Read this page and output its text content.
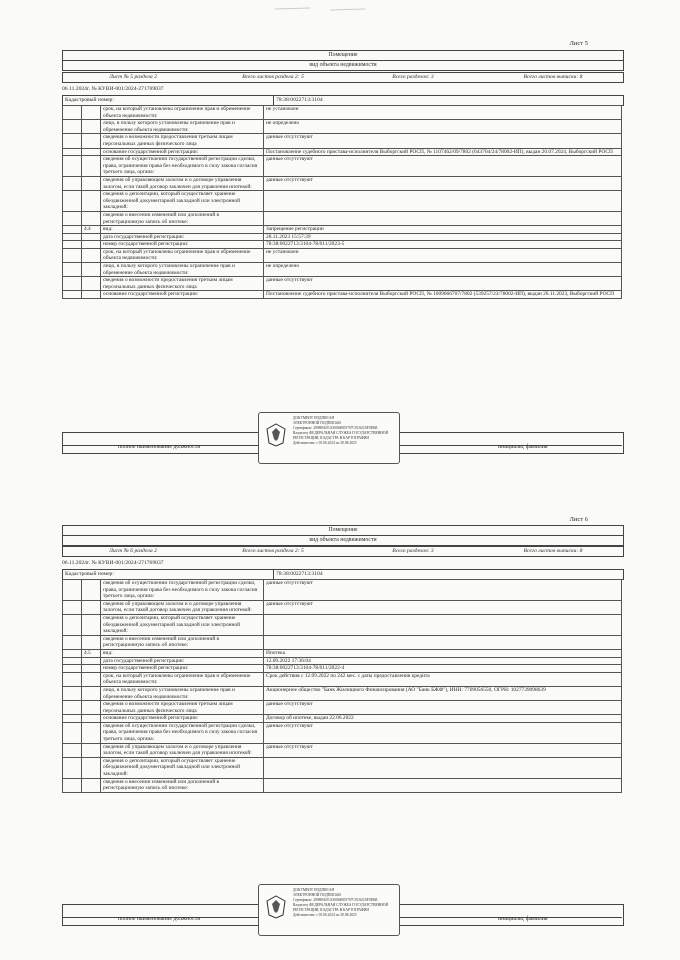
Лист 5
Помещение
вид объекта недвижимости
Лист № 5 раздела 2	Всего листов раздела 2: 5	Всего разделов: 3	Всего листов выписки: 8
06.11.2024г. № КУВИ-001/2024-271769037
Кадастровый номер:	78:38:0022713:3104
		срок, на который установлены ограничение прав и обременение объекта недвижимости:	не установлен
		лицо, в пользу которого установлены ограничение прав и обременение объекта недвижимости:	не определено
		сведения о возможности предоставления третьим лицам персональных данных физического лица	данные отсутствуют
		основание государственной регистрации:	Постановление судебного пристава-исполнителя Выборгский РОСП, № 1107462/09/7802 (643704/24/78002-ИП), выдан 20.07.2024, Выборгский РОСП
		сведения об осуществлении государственной регистрации сделки, права, ограничения права без необходимого в силу закона согласия третьего лица, органа:	данные отсутствуют
		сведения об управляющем залогом и о договоре управления залогом, если такой договор заключен для управления ипотекой:	данные отсутствуют
		сведения о депозитарии, который осуществляет хранение обездвиженной документарной закладной или электронной закладной:	
		сведения о внесении изменений или дополнений в регистрационную запись об ипотеке:	
	4.4	вид:	Запрещение регистрации
		дата государственной регистрации:	28.11.2023 15:57:39
		номер государственной регистрации:	78:38:0022713:3104-78/011/2023-5
		срок, на который установлены ограничение прав и обременение объекта недвижимости:	не установлен
		лицо, в пользу которого установлены ограничение прав и обременение объекта недвижимости:	не определено
		сведения о возможности предоставления третьим лицам персональных данных физического лица	данные отсутствуют
		основание государственной регистрации:	Постановление судебного пристава-исполнителя Выборгский РОСП, № 1009666707/7802 (539257/23/78002-ИП), выдан 26.11.2023, Выборгский РОСП
полное наименование должности	инициалы, фамилия
ДОКУМЕНТ ПОДПИСАН
ЭЛЕКТРОННОЙ ПОДПИСЬЮ
Сертификат: 2098BAD1A30004E05707C0C82C0F0D6B
Владелец: ФЕДЕРАЛЬНАЯ СЛУЖБА ГОСУДАРСТВЕННОЙ
РЕГИСТРАЦИИ, КАДАСТРА И КАРТОГРАФИИ
Действителен: с 05.06.2024 по 29.08.2025
Лист 6
Помещение
вид объекта недвижимости
Лист № 6 раздела 2	Всего листов раздела 2: 5	Всего разделов: 3	Всего листов выписки: 8
06.11.2024г. № КУВИ-001/2024-271769037
Кадастровый номер:	78:38:0022713:3104
		сведения об осуществлении государственной регистрации сделки, права, ограничения права без необходимого в силу закона согласия третьего лица, органа:	данные отсутствуют
		сведения об управляющем залогом и о договоре управления залогом, если такой договор заключен для управления ипотекой:	данные отсутствуют
		сведения о депозитарии, который осуществляет хранение обездвиженной документарной закладной или электронной закладной:	
		сведения о внесении изменений или дополнений в регистрационную запись об ипотеке:	
	4.5	вид:	Ипотека
		дата государственной регистрации:	12.09.2022 17:36:04
		номер государственной регистрации:	78:38:0022713:3104-78/011/2022-4
		срок, на который установлены ограничение прав и обременение объекта недвижимости:	Срок действия с 12.09.2022 по 242 мес. с даты предоставления кредита
		лицо, в пользу которого установлены ограничение прав и обременение объекта недвижимости:	Акционерное общество "Банк Жилищного Финансирования (АО "Банк БЖФ"), ИНН: 7709056550, ОГРН: 1027739098639
		сведения о возможности предоставления третьим лицам персональных данных физического лица	данные отсутствуют
		основание государственной регистрации:	Договор об ипотеке, выдан 22.06.2022
		сведения об осуществлении государственной регистрации сделки, права, ограничения права без необходимого в силу закона согласия третьего лица, органа:	данные отсутствуют
		сведения об управляющем залогом и о договоре управления залогом, если такой договор заключен для управления ипотекой:	данные отсутствуют
		сведения о депозитарии, который осуществляет хранение обездвиженной документарной закладной или электронной закладной:	
		сведения о внесении изменений или дополнений в регистрационную запись об ипотеке:	
полное наименование должности	инициалы, фамилия
ДОКУМЕНТ ПОДПИСАН
ЭЛЕКТРОННОЙ ПОДПИСЬЮ
Сертификат: 2098BAD1A30004E05707C0C82C0F0D6B
Владелец: ФЕДЕРАЛЬНАЯ СЛУЖБА ГОСУДАРСТВЕННОЙ
РЕГИСТРАЦИИ, КАДАСТРА И КАРТОГРАФИИ
Действителен: с 05.06.2024 по 29.08.2025
